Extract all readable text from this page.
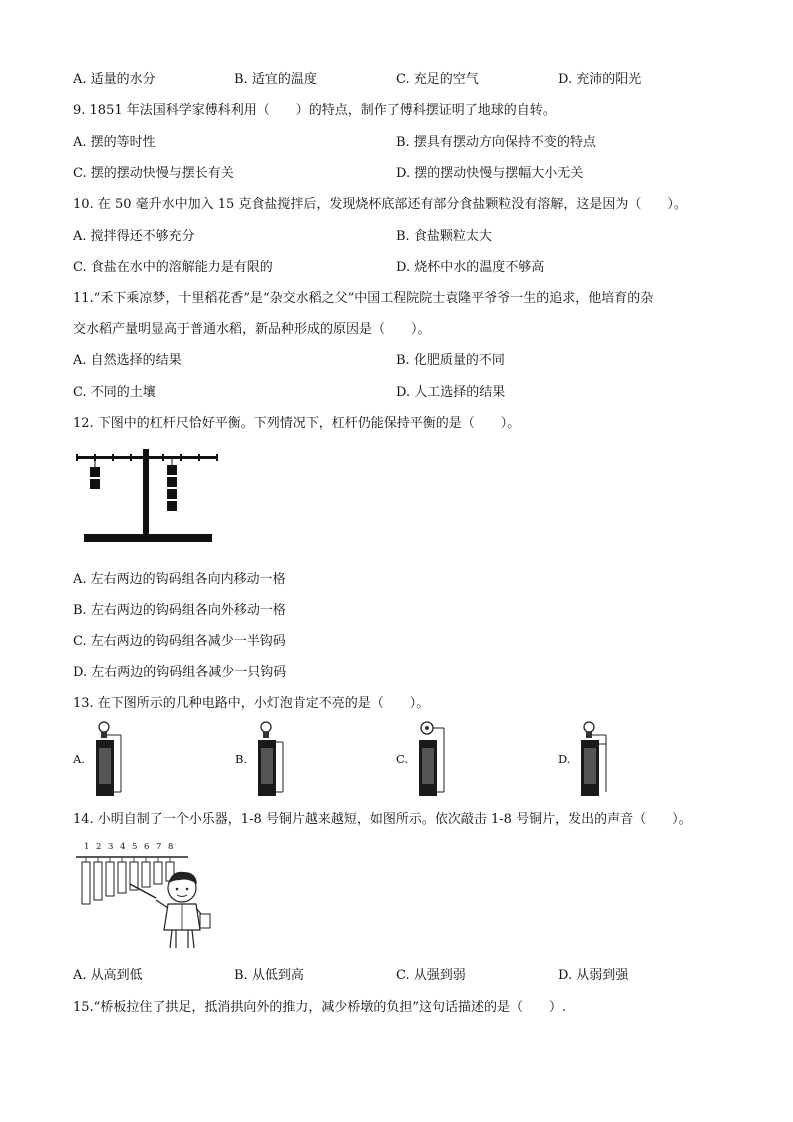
A. 适量的水分	B. 适宜的温度	C. 充足的空气	D. 充沛的阳光
9. 1851 年法国科学家傅科利用（　　）的特点，制作了傅科摆证明了地球的自转。
A. 摆的等时性	B. 摆具有摆动方向保持不变的特点
C. 摆的摆动快慢与摆长有关	D. 摆的摆动快慢与摆幅大小无关
10. 在 50 毫升水中加入 15 克食盐搅拌后，发现烧杯底部还有部分食盐颗粒没有溶解，这是因为（　　）。
A. 搅拌得还不够充分	B. 食盐颗粒太大
C. 食盐在水中的溶解能力是有限的	D. 烧杯中水的温度不够高
11.“禾下乘凉梦，十里稻花香”是“杂交水稻之父”中国工程院院士袁隆平爷爷一生的追求，他培育的杂
交水稻产量明显高于普通水稻，新品种形成的原因是（　　）。
A. 自然选择的结果	B. 化肥质量的不同
C. 不同的土壤	D. 人工选择的结果
12. 下图中的杠杆尺恰好平衡。下列情况下，杠杆仍能保持平衡的是（　　）。
A. 左右两边的钩码组各向内移动一格
B. 左右两边的钩码组各向外移动一格
C. 左右两边的钩码组各减少一半钩码
D. 左右两边的钩码组各减少一只钩码
13. 在下图所示的几种电路中，小灯泡肯定不亮的是（　　）。
A.	B.	C.	D.
14. 小明自制了一个小乐器，1-8 号铜片越来越短，如图所示。依次敲击 1-8 号铜片，发出的声音（　　）。
1 2 3 4 5 6 7 8
A. 从高到低	B. 从低到高	C. 从强到弱	D. 从弱到强
15.“桥板拉住了拱足，抵消拱向外的推力，减少桥墩的负担”这句话描述的是（　　）.
